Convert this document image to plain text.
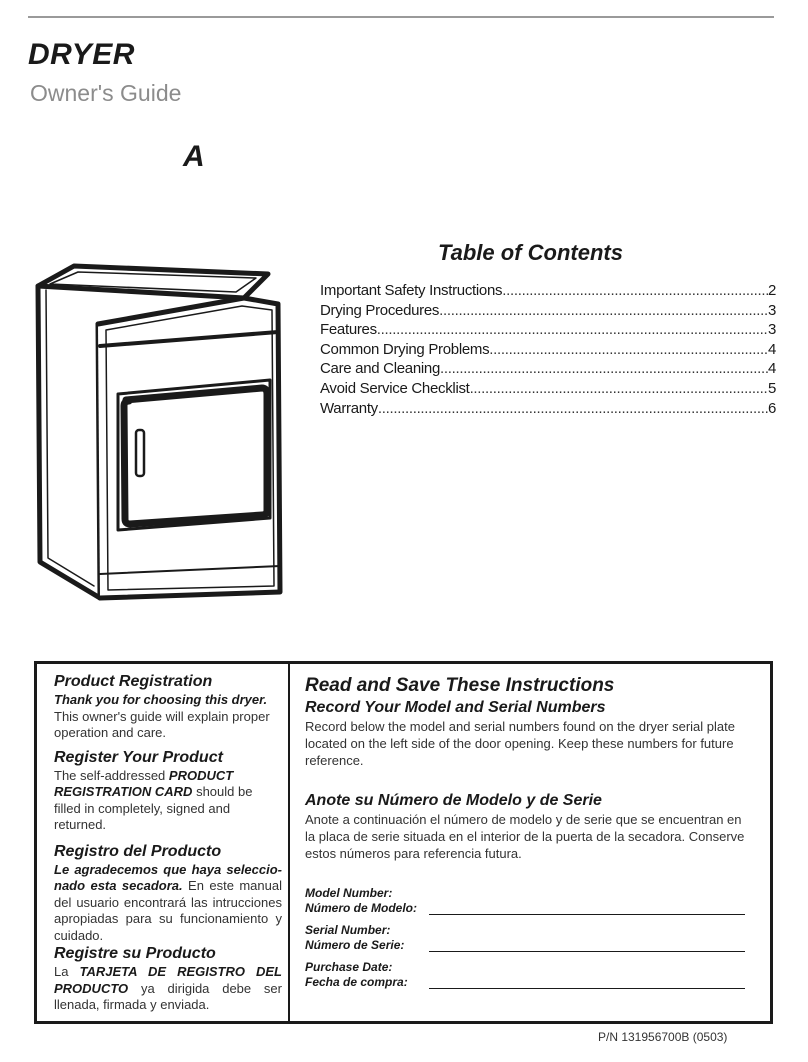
DRYER
Owner's Guide
A
Table of Contents
Important Safety Instructions .....	2
Drying Procedures .....	3
Features .....	3
Common Drying Problems .....	4
Care and Cleaning .....	4
Avoid Service Checklist .....	5
Warranty .....	6
Product Registration

Thank you for choosing this dryer. This owner's guide will explain proper operation and care.

Register Your Product

The self-addressed PRODUCT REGISTRATION CARD should be filled in completely, signed and returned.

Registro del Producto

Le agradecemos que haya seleccio-nado esta secadora. En este manual del usuario encontrará las intrucciones apropiadas para su funcionamiento y cuidado.

Registre su Producto

La TARJETA DE REGISTRO DEL PRODUCTO ya dirigida debe ser llenada, firmada y enviada.

Read and Save These Instructions
Record Your Model and Serial Numbers

Record below the model and serial numbers found on the dryer serial plate located on the left side of the door opening. Keep these numbers for future reference.

Anote su Número de Modelo y de Serie

Anote a continuación el número de modelo y de serie que se encuentran en la placa de serie situada en el interior de la puerta de la secadora. Conserve estos números para referencia futura.

Model Number:
Número de Modelo:
Serial Number:
Número de Serie:
Purchase Date:
Fecha de compra:
P/N 131956700B (0503)
